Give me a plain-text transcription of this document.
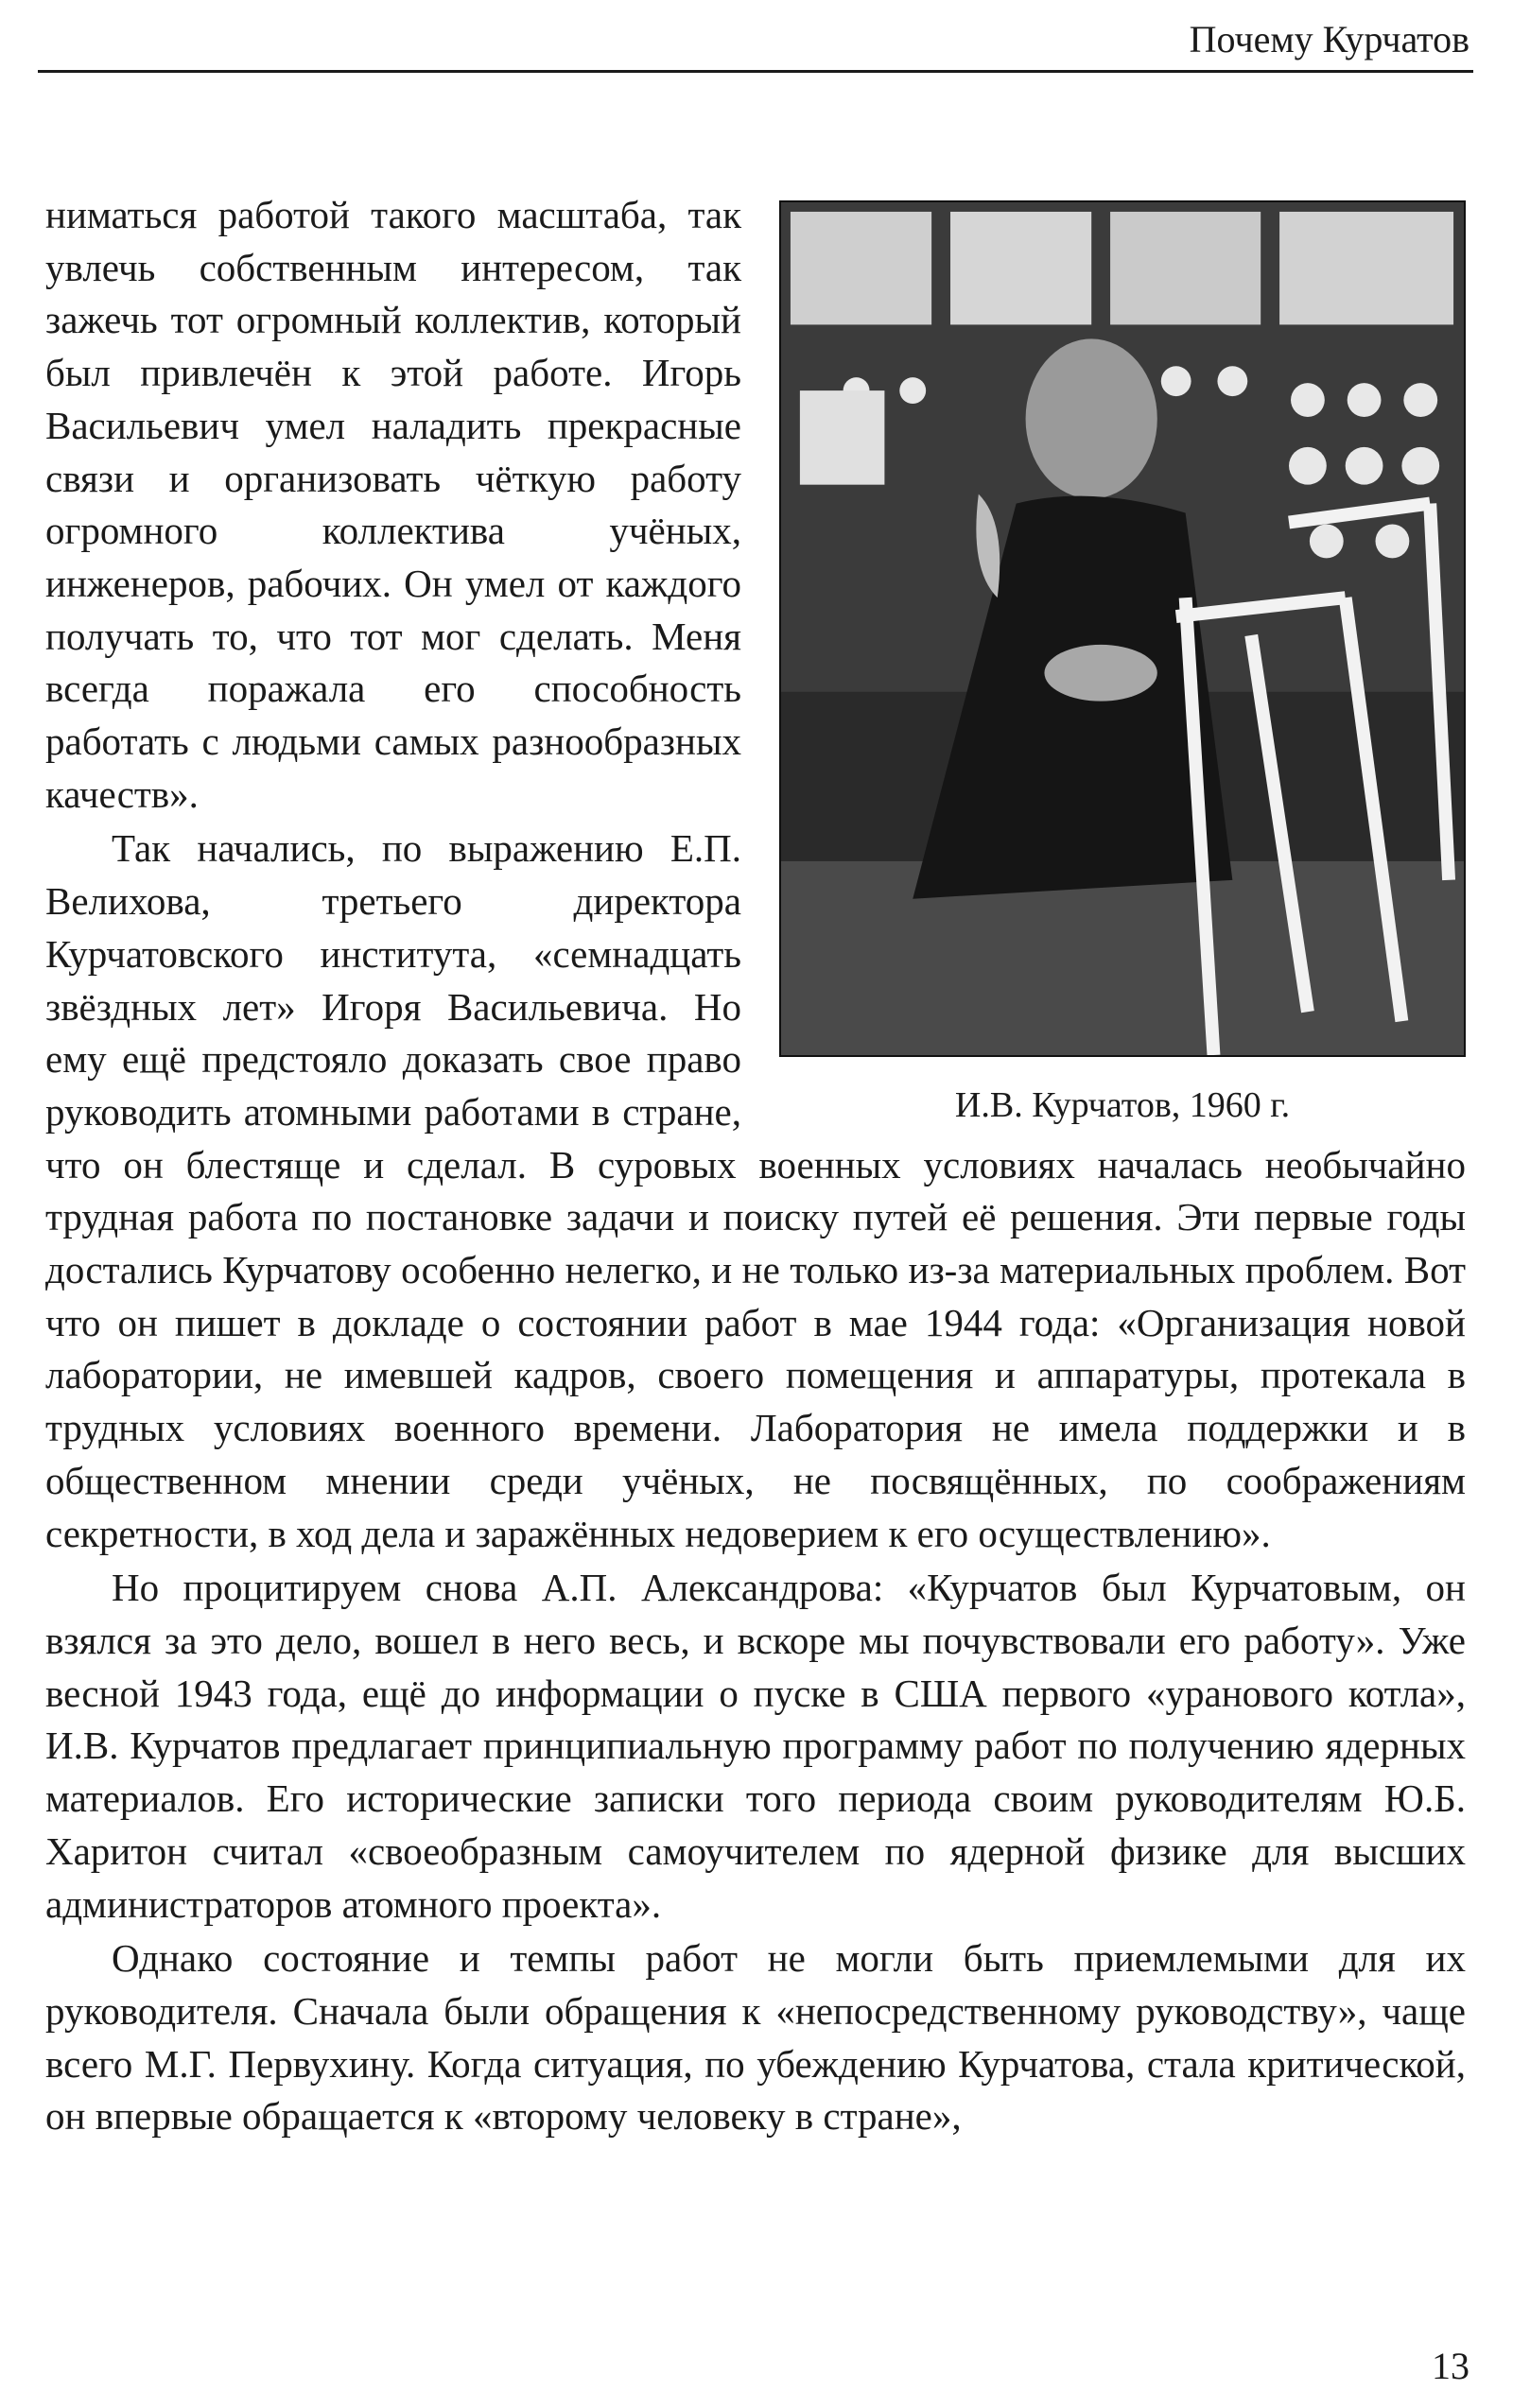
Почему Курчатов
И.В. Курчатов, 1960 г.

ниматься работой такого масштаба, так увлечь собственным интересом, так зажечь тот огромный коллектив, который был привлечён к этой работе. Игорь Васильевич умел наладить прекрасные связи и организовать чёткую работу огромного коллектива учёных, инженеров, рабочих. Он умел от каждого получать то, что тот мог сделать. Меня всегда поражала его способность работать с людьми самых разнообразных качеств».

Так начались, по выражению Е.П. Велихова, третьего директора Курчатовского института, «семнадцать звёздных лет» Игоря Васильевича. Но ему ещё предстояло доказать свое право руководить атомными работами в стране, что он блестяще и сделал. В суровых военных условиях началась необычайно трудная работа по постановке задачи и поиску путей её решения. Эти первые годы достались Курчатову особенно нелегко, и не только из-за материальных проблем. Вот что он пишет в докладе о состоянии работ в мае 1944 года: «Организация новой лаборатории, не имевшей кадров, своего помещения и аппаратуры, протекала в трудных условиях военного времени. Лаборатория не имела поддержки и в общественном мнении среди учёных, не посвящённых, по соображениям секретности, в ход дела и заражённых недоверием к его осуществлению».

Но процитируем снова А.П. Александрова: «Курчатов был Курчатовым, он взялся за это дело, вошел в него весь, и вскоре мы почувствовали его работу». Уже весной 1943 года, ещё до информации о пуске в США первого «уранового котла», И.В. Курчатов предлагает принципиальную программу работ по получению ядерных материалов. Его исторические записки того периода своим руководителям Ю.Б. Харитон считал «своеобразным самоучителем по ядерной физике для высших администраторов атомного проекта».

Однако состояние и темпы работ не могли быть приемлемыми для их руководителя. Сначала были обращения к «непосредственному руководству», чаще всего М.Г. Первухину. Когда ситуация, по убеждению Курчатова, стала критической, он впервые обращается к «второму человеку в стране»,

13
